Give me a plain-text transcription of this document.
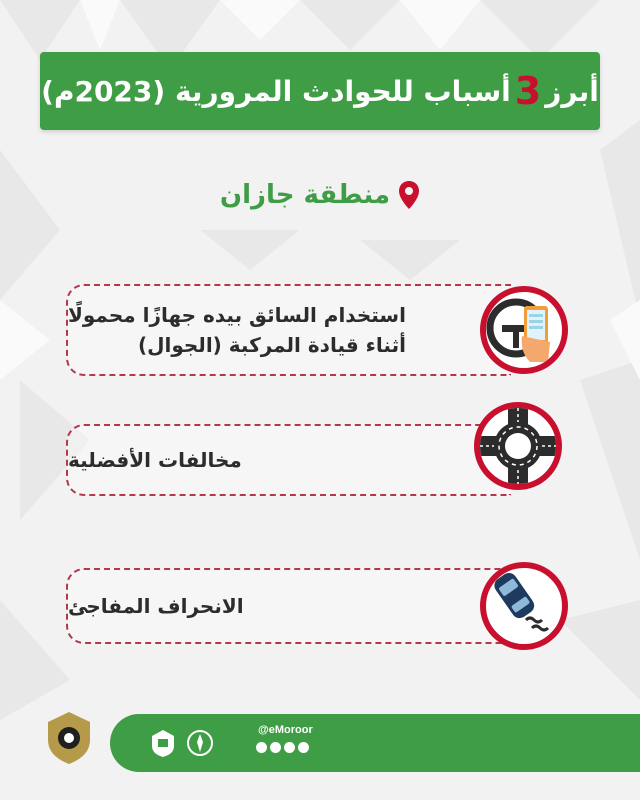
أبرز
3
أسباب للحوادث المرورية (2023م)
منطقة جازان
استخدام السائق بيده جهازًا محمولًا
أثناء قيادة المركبة (الجوال)
مخالفات الأفضلية
الانحراف المفاجئ
@eMoroor
